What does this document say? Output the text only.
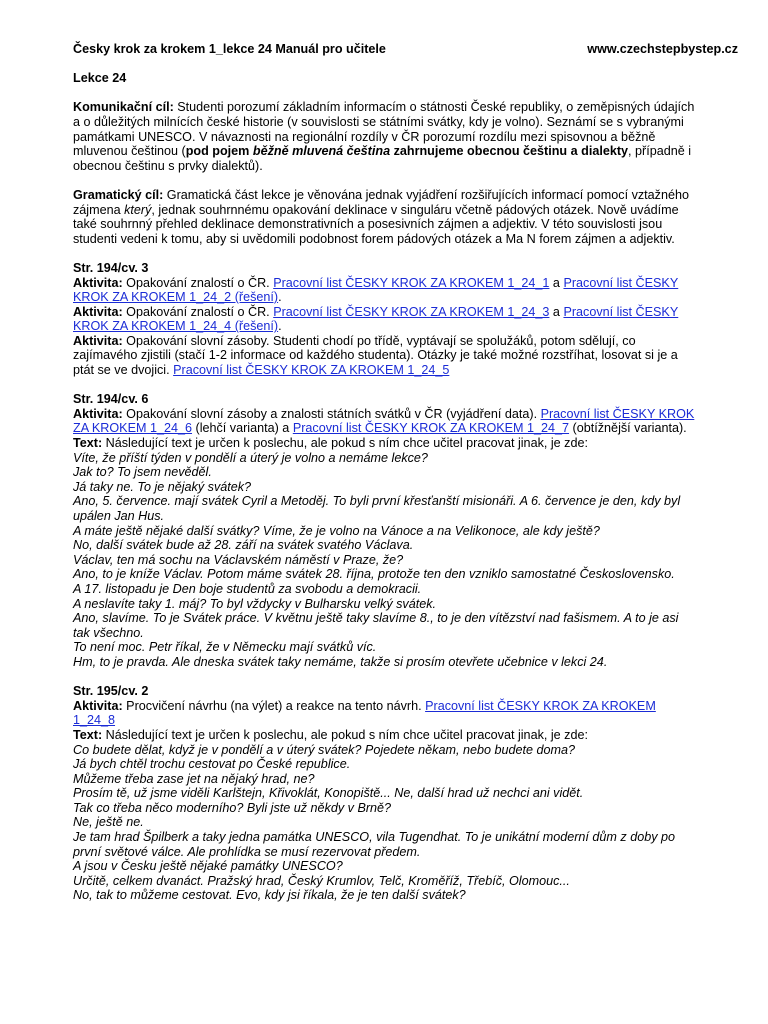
Česky krok za krokem 1_lekce 24 Manuál pro učitele	www.czechstepbystep.cz

Lekce 24

Komunikační cíl: Studenti porozumí základním informacím o státnosti České republiky, o zeměpisných údajích a o důležitých milnících české historie (v souvislosti se státními svátky, kdy je volno). Seznámí se s vybranými památkami UNESCO. V návaznosti na regionální rozdíly v ČR porozumí rozdílu mezi spisovnou a běžně mluvenou češtinou (pod pojem běžně mluvená čeština zahrnujeme obecnou češtinu a dialekty, případně i obecnou češtinu s prvky dialektů).

Gramatický cíl: Gramatická část lekce je věnována jednak vyjádření rozšiřujících informací pomocí vztažného zájmena který, jednak souhrnnému opakování deklinace v singuláru včetně pádových otázek. Nově uvádíme také souhrnný přehled deklinace demonstrativních a posesivních zájmen a adjektiv. V této souvislosti jsou studenti vedeni k tomu, aby si uvědomili podobnost forem pádových otázek a Ma N forem zájmen a adjektiv.

Str. 194/cv. 3

Aktivita: Opakování znalostí o ČR. Pracovní list ČESKY KROK ZA KROKEM 1_24_1 a Pracovní list ČESKY KROK ZA KROKEM 1_24_2 (řešení).

Aktivita: Opakování znalostí o ČR. Pracovní list ČESKY KROK ZA KROKEM 1_24_3 a Pracovní list ČESKY KROK ZA KROKEM 1_24_4 (řešení).

Aktivita: Opakování slovní zásoby. Studenti chodí po třídě, vyptávají se spolužáků, potom sdělují, co zajímavého zjistili (stačí 1-2 informace od každého studenta). Otázky je také možné rozstříhat, losovat si je a ptát se ve dvojici. Pracovní list ČESKY KROK ZA KROKEM 1_24_5

Str. 194/cv. 6

Aktivita: Opakování slovní zásoby a znalosti státních svátků v ČR (vyjádření data). Pracovní list ČESKY KROK ZA KROKEM 1_24_6 (lehčí varianta) a Pracovní list ČESKY KROK ZA KROKEM 1_24_7 (obtížnější varianta).

Text: Následující text je určen k poslechu, ale pokud s ním chce učitel pracovat jinak, je zde:

Víte, že příští týden v pondělí a úterý je volno a nemáme lekce?

Jak to? To jsem nevěděl.

Já taky ne. To je nějaký svátek?

Ano, 5. července. mají svátek Cyril a Metoděj. To byli první křesťanští misionáři. A 6. července je den, kdy byl upálen Jan Hus.

A máte ještě nějaké další svátky? Víme, že je volno na Vánoce a na Velikonoce, ale kdy ještě?

No, další svátek bude až 28. září na svátek svatého Václava.

Václav, ten má sochu na Václavském náměstí v Praze, že?

Ano, to je kníže Václav. Potom máme svátek 28. října, protože ten den vzniklo samostatné Československo.

A 17. listopadu je Den boje studentů za svobodu a demokracii.

A neslavíte taky 1. máj? To byl vždycky v Bulharsku velký svátek.

Ano, slavíme. To je Svátek práce. V květnu ještě taky slavíme 8., to je den vítězství nad fašismem. A to je asi tak všechno.

To není moc. Petr říkal, že v Německu mají svátků víc.

Hm, to je pravda. Ale dneska svátek taky nemáme, takže si prosím otevřete učebnice v lekci 24.

Str. 195/cv. 2

Aktivita: Procvičení návrhu (na výlet) a reakce na tento návrh. Pracovní list ČESKY KROK ZA KROKEM 1_24_8

Text: Následující text je určen k poslechu, ale pokud s ním chce učitel pracovat jinak, je zde:

Co budete dělat, když je v pondělí a v úterý svátek? Pojedete někam, nebo budete doma?

Já bych chtěl trochu cestovat po České republice.

Můžeme třeba zase jet na nějaký hrad, ne?

Prosím tě, už jsme viděli Karlštejn, Křivoklát, Konopiště... Ne, další hrad už nechci ani vidět.

Tak co třeba něco moderního? Byli jste už někdy v Brně?

Ne, ještě ne.

Je tam hrad Špilberk a taky jedna památka UNESCO, vila Tugendhat. To je unikátní moderní dům z doby po první světové válce. Ale prohlídka se musí rezervovat předem.

A jsou v Česku ještě nějaké památky UNESCO?

Určitě, celkem dvanáct. Pražský hrad, Český Krumlov, Telč, Kroměříž, Třebíč, Olomouc...

No, tak to můžeme cestovat. Evo, kdy jsi říkala, že je ten další svátek?
